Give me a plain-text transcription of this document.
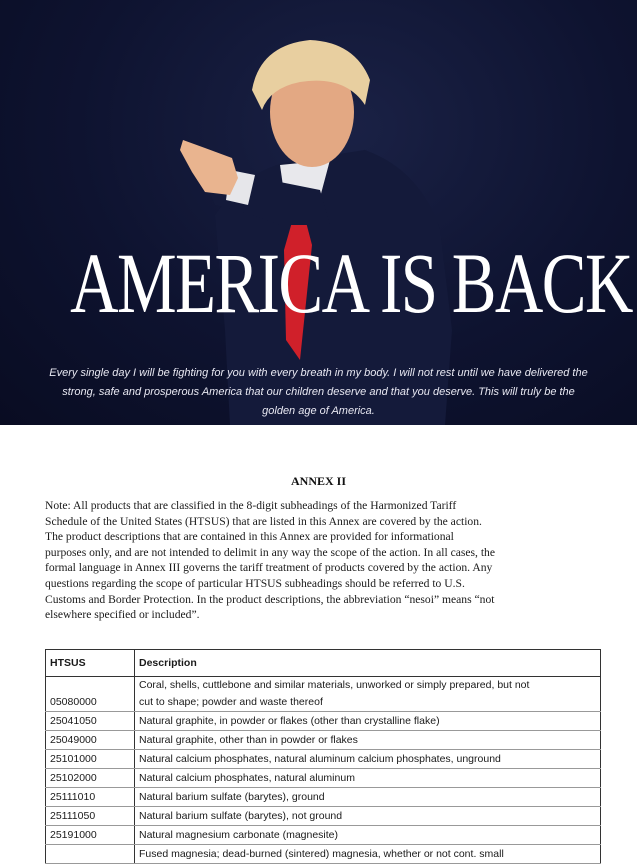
AMERICA IS BACK
Every single day I will be fighting for you with every breath in my body. I will not rest until we have delivered the
strong, safe and prosperous America that our children deserve and that you deserve. This will truly be the
golden age of America.
ANNEX II
Note: All products that are classified in the 8-digit subheadings of the Harmonized Tariff
Schedule of the United States (HTSUS) that are listed in this Annex are covered by the action.
The product descriptions that are contained in this Annex are provided for informational
purposes only, and are not intended to delimit in any way the scope of the action. In all cases, the
formal language in Annex III governs the tariff treatment of products covered by the action. Any
questions regarding the scope of particular HTSUS subheadings should be referred to U.S.
Customs and Border Protection. In the product descriptions, the abbreviation “nesoi” means “not
elsewhere specified or included”.
HTSUS	Description
05080000	Coral, shells, cuttlebone and similar materials, unworked or simply prepared, but not
cut to shape; powder and waste thereof

25041050	Natural graphite, in powder or flakes (other than crystalline flake)
25049000	Natural graphite, other than in powder or flakes
25101000	Natural calcium phosphates, natural aluminum calcium phosphates, unground
25102000	Natural calcium phosphates, natural aluminum
25111010	Natural barium sulfate (barytes), ground
25111050	Natural barium sulfate (barytes), not ground
25191000	Natural magnesium carbonate (magnesite)
	Fused magnesia; dead-burned (sintered) magnesia, whether or not cont. small
